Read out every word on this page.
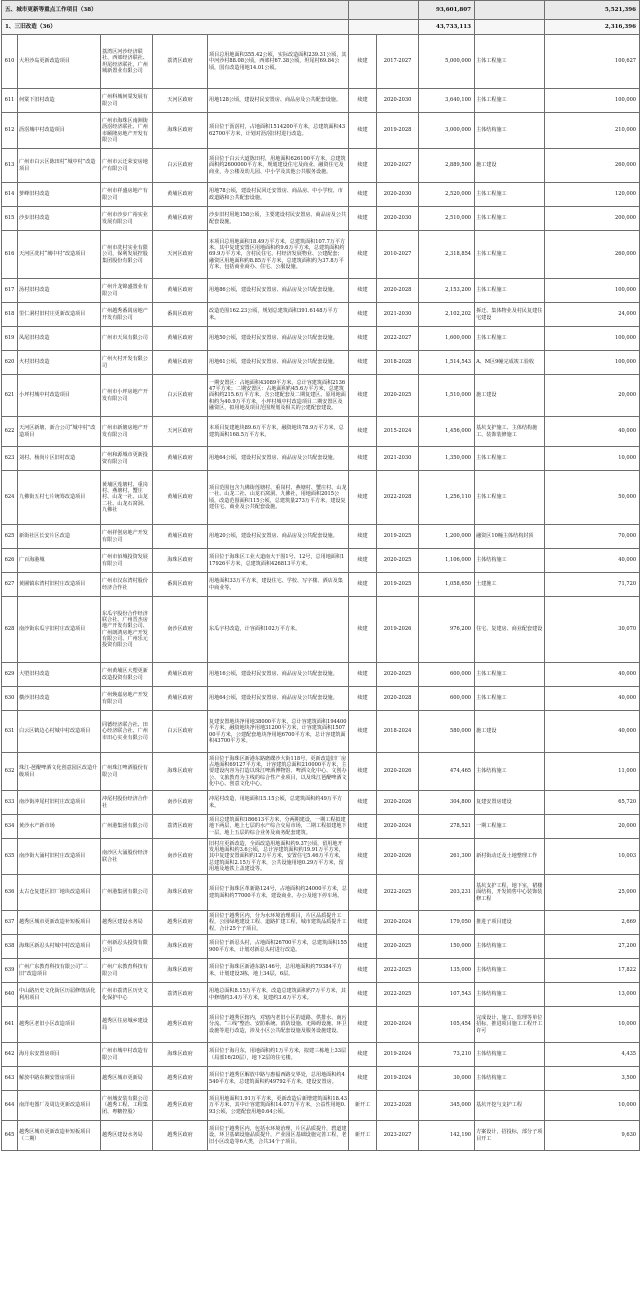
五、城市更新等重点工作项目（38）							93,601,807		5,521,396
1、三旧改造（36）							43,733,113		2,316,396
610	大坦沙岛更新改造项目	荔湾区河沙经济联社、西郊经济联社、坦尾经济联社，广州城新置业有限公司	荔湾区政府	项目总用地面积355.42公顷，实际改造面积239.31公顷，其中河沙村88.08公顷，西郊村67.38公顷，坦尾村69.84公顷，国有改造用地14.01公顷。	续建	2017-2027	5,000,000	主体工程施工	100,627
611	何棠下旧村改造	广州科城何棠发展有限公司	天河区政府	用地128公顷，建设村民安置房、商品房及公共配套设施。	续建	2020-2030	3,640,100	主体工程施工	100,000
612	沥滘城中村改造项目	广州市海珠区南洲街沥滘经济联社、广州市颐隆房地产开发有限公司	海珠区政府	项目位于沥滘村，占地面积1514200平方米，总建筑面积4362700平方米，计划对沥滘旧村进行改造。	续建	2019-2028	3,000,000	主体结构施工	210,000
613	广州市白云区陈田村“城中村”改造项目	广州市云迁荣安房地产有限公司	白云区政府	项目位于白云大道陈田村，用地面积626100平方米，总建筑面积约2600000平方米，规划建设住宅及商业、融资住宅及商业，办公楼及幼儿园、中小学及其他公共服务设施。	续建	2020-2027	2,889,500	施工建设	260,000
614	萝峰旧村改造	广州市祥盛房地产有限公司	黄埔区政府	用地78公顷，建设村民回迁安置房、商品房、中小学校、市政道路和公共配套设施。	续建	2020-2030	2,520,000	主体工程施工	120,000
615	沙步旧村改造	广州市沙步广裕实业发展有限公司	黄埔区政府	沙步旧村用地158公顷，主要建设村民安置房、商品房及公共配套设施。	续建	2020-2030	2,510,000	主体工程施工	200,000
616	天河区冼村“城中村”改造项目	广州市冼村实业有限公司，保利发展控股集团股份有限公司	天河区政府	本项目总用地面积18.49万平方米，总建筑面积107.7万平方米，其中复建安置区用地面积约9.6万平方米，总建筑面积约69.9万平方米，含村民住宅、村经济发展物业、公建配套；融资区用地面积约8.85万平方米，总建筑面积约为37.8万平方米，包括商业商办、住宅、公服设施。	续建	2010-2027	2,318,854	主体工程施工	260,000
617	汤村旧村改造	广州升龙锦盛置业有限公司	黄埔区政府	用地86公顷，建设村民安置房、商品房及公共配套设施。	续建	2020-2028	2,153,200	主体工程施工	100,000
618	里仁洞村旧村庄更新改造项目	广州越秀番禺房地产开发有限公司	番禺区政府	改造范围162.23公顷，规划总建筑面积391.6148万平方米。	续建	2021-2030	2,102,202	拆迁、集体物业及村民复建住宅建设	24,000
619	凤尾旧村改造	广州市天凤有限公司	黄埔区政府	用地50公顷，建设村民安置房、商品房及公共配套设施。	续建	2022-2027	1,600,000	主体工程施工	100,000
620	火村旧村改造	广州火村开发有限公司	黄埔区政府	用地61公顷，建设村民安置房、商品房及公共配套设施。	续建	2018-2028	1,514,543	A、M区9幢完成竣工验收	100,000
621	小坪村城中村改造项目	广州市小坪房地产开发有限公司	白云区政府	一期安置区：占地面积43089平方米，总计容建筑面积213647平方米；二期安置区：占地面积约45.6万平方米，总建筑面积约215.6万平方米，含公建配套及二期复建区。原用地面积约为40.9万平方米，小坪村城中村改造项目二期安置区及融资区，拟用地及项目范围规划及相关的公建配套建设。	续建	2020-2025	1,510,000	施工建设	20,000
622	天河区新塘、新合公司“城中村”改造项目	广州市新塘房地产开发有限公司	天河区政府	本项目复建地块89.6万平方米，融资地块78.9万平方米，总建筑面积168.5万平方米。	续建	2015-2024	1,456,000	基坑支护施工、主体结构施工、装饰装修施工	40,000
623	刘村、杨尚片区旧村改造	广州和源城市更新投资有限公司	黄埔区政府	用地64公顷，建设村民安置房、商品房及公共配套设施。	续建	2021-2030	1,350,000	主体工程施工	10,000
624	九佛街五村七片统筹改造项目	黄埔区莲塘村、重岗村、燕塘村、蟹庄村、山龙一社、山龙二社、山龙石窝洞、九佛社	黄埔区政府	项目范围包含九佛街莲塘村、重岗村、燕塘村、蟹庄村、山龙一社、山龙二社、山龙石窝洞、九佛社，用地面积2015公顷，改造范围面积115公顷，总建筑量273万平方米，建设复建住宅、商业及公共配套设施。	续建	2022-2028	1,256,110	主体工程施工	50,000
625	新街社区长安片区改造	广州祥创房地产开发有限公司	黄埔区政府	用地20公顷，建设村民安置房、商品房及公共配套设施。	续建	2019-2025	1,200,000	融资区10幢主体结构封顶	70,000
626	广百海港城	广州市佰城投资发展有限公司	海珠区政府	项目位于海珠区工业大道南大干围1号、12号，总用地面积117926平方米，总建筑面积426813平方米。	续建	2020-2025	1,106,000	主体结构施工	40,000
627	黄圃镇东湾村旧村庄改造项目	广州市汉东湾村股份经济合作社	番禺区政府	用地面积33万平方米，建设住宅、学校、写字楼、酒店及集中商业等。	续建	2019-2025	1,058,650	土建施工	71,720
628	南沙街东瓜宇旧村庄改造项目	东瓜宇股份合作经济联合社、广州晋杰房地产开发有限公司、广州朗鸿房地产开发有限公司、广州乐元投资有限公司	南沙区政府	东瓜宇村改造，计容面积102万平方米。	续建	2019-2026	976,200	住宅、复建房、商业配套建设	30,070
629	大塱旧村改造	广州黄埔区大塱更新改造投资有限公司	黄埔区政府	用地16公顷，建设村民安置房、商品房及公共配套设施。	续建	2020-2025	600,000	主体工程施工	40,000
630	横沙旧村改造	广州焕嘉房地产开发有限公司	黄埔区政府	用地64公顷，建设村民安置房、商品房及公共配套设施。	续建	2020-2028	600,000	主体工程施工	40,000
631	白云区鹤边心村城中村改造项目	同德经济联合社、田心经济联合社、广州市田心实业有限公司	白云区政府	复建安置地块净用地38000平方米，总计容建筑面积194400平方米，融资地块净用地31200平方米，计容建筑面积150700平方米，公建配套地块净用地6700平方米，总计容建筑面积43700平方米。	续建	2018-2024	580,000	施工建设	40,000
632	珠江-琶醍啤酒文化创意园区改造升级项目	广州珠江啤酒股份有限公司	海珠区政府	项目位于海珠区新港东路磨碟沙大街118号，更新改造旧厂房占地面积69127平方米，计容建筑总面积210000平方米，主要建设内容为打造以珠江啤酒博物馆、啤酒文化中心、文创办公、文旅教育为主线的综合性产业项目，以及珠江琶醍啤酒文化中心、创意文化中心。	续建	2020-2026	474,465	主体结构施工	11,000
633	南沙街冲尾村旧村庄改造项目	冲尾村股份经济合作社	南沙区政府	冲尾村改造，用地面积15.15公顷，总建筑面积约49万平方米。	续建	2020-2026	304,800	复建安置房建设	65,720
634	黄沙水产新市场	广州港集团有限公司	荔湾区政府	项目总建筑面积186613平方米，分两期建设，一期工程拟建地下两层，地上七层的水产综合交易市场，二期工程拟建地下一层，地上五层的综合业务及商务配套建筑。	续建	2020-2024	278,521	一期工程施工	20,000
635	南沙街大涌村旧村庄改造项目	南沙区大涌股份经济联合社	南沙区政府	旧村庄更新改造，全面改造用地面积约9.37公顷，留用地开发用地面积约3.6公顷，总计容建筑面积约19.91万平方米，其中复建安置面积约12万平方米，安置住宅5.46万平方米，总建筑面积2.15万平方米，公共设施用地0.29万平方米，留用地及地铁上盖建设等。	续建	2020-2026	261,300	新村街动迁及土地整理工作	10,003
636	太古仓复建区旧厂地块改造项目	广州港集团有限公司	海珠区政府	项目位于海珠区革新路124号，占地面积约24000平方米，总建筑面积约77000平方米，建设商业、办公及地下停车场。	续建	2022-2025	203,231	基坑支护工程，地下室，裙楼面结构，开发销售中心装饰装修工程	25,000
637	越秀区城市更新改造补短板项目	越秀区建设水务局	越秀区政府	项目位于越秀区内，分为水环境治理项目，片区品质提升工程，公园绿地建设工程、道路扩建工程，城市建筑品质提升工程，合计25个子项目。	续建	2020-2024	179,050	推进子项目建设	2,669
638	海珠区新忍头村城中村改造项目	广州新忍头投资有限公司	海珠区政府	项目位于新忍头村，占地面积26700平方米，总建筑面积155900平方米，计划对新忍头村进行改造。	续建	2020-2025	150,000	主体结构施工	27,200
639	广州广东教育科技有限公司“三旧”改造项目	广州广东教育科技有限公司	海珠区政府	项目位于海珠区新港东路146号，总用地面积约79384平方米，计划建设3栋，地上34层，6层。	续建	2022-2025	135,000	主体结构施工	17,822
640	中山路历史文化街区历届修缮活化利用项目	广州市荔湾区历史文化保护中心	荔湾区政府	用地总面积8.15万平方米，改造总建筑面积约7万平方米，其中修缮约3.4万平方米，复建约3.6万平方米。	续建	2022-2025	107,543	主体结构施工	13,000
641	越秀区老旧小区改造项目	越秀区住房城乡建设局	越秀区政府	项目位于越秀区辖内，对辖内老旧小区的道路、供排水、南污分流、“三线”整治、安防系统、消防设施、无障碍设施、环卫设施等进行改造，涉及小区公共配套设施及服务设施建设。	续建	2020-2024	105,454	完成设计、施工、监理等单位招标，推进项目施工工程开工许可	10,000
642	海月东安置房项目	广州市城中村改造有限公司	海珠区政府	项目位于海月东，用地面积约1万平方米，拟建三栋地上33层（局部16/20层），地下2层的住宅楼。	续建	2019-2024	73,210	主体结构施工	4,435
643	解放中路东侧安置房项目	越秀区城市更新局	越秀区政府	项目位于越秀区解放中路与惠福西路交界处，总用地面积约4540平方米，总建筑面积约49792平方米，建设安置房。	续建	2019-2024	30,000	主体结构施工	3,500
644	南洋电器厂及周边更新改造项目	广州城安装有限公司（越秀工程、工程集团、粤糖控股）	越秀区政府	项目用地面积1.91万平方米，更新改造后新增建筑面积18.43万平方米，其中计容建筑面积14.07万平方米，公益性用地0.93公顷，公建配套用地0.64公顷。	新开工	2023-2028	345,000	基坑开挖与支护工程	10,000
645	越秀区城市更新改造补短板项目（二期）	越秀区建设水务局	越秀区政府	项目位于越秀区内，包括水环境治理，片区品质提升，碧道建设，环卫基础设施品质提升，产业园区基础设施完善工程，老旧小区改造等6大类，合共34个子项目。	新开工	2023-2027	142,190	方案设计，招投标，部分子项目开工	9,630
